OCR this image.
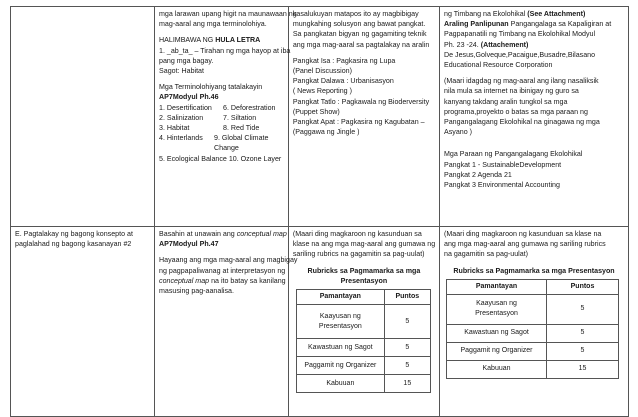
mga larawan upang higit na maunawaan ng
mag-aaral ang mga terminolohiya.
HALIMBAWA NG HULA LETRA
1. _ab_ta_ – Tirahan ng mga hayop at iba
pang mga bagay.
Sagot: Habitat
Mga Terminolohiyang tatalakayin
AP7Modyul Ph.46
1. Desertification	6. Deforestration
2. Salinization	7. Siltation
3. Habitat	8. Red Tide
4. Hinterlands	9. Global Climate Change
5. Ecological Balance 10. Ozone Layer

kasalukuyan matapos ito ay magbibigay
mungkahing solusyon ang bawat pangkat.
Sa pangkatan bigyan ng gagamiting teknik
ang mga mag-aaral sa pagtalakay na aralin
Pangkat Isa : Pagkasira ng Lupa
(Panel Discussion)
Pangkat Dalawa : Urbanisasyon
( News Reporting )
Pangkat Tatlo : Pagkawala ng Bioderversity
(Puppet Show)
Pangkat Apat : Pagkasira ng Kagubatan –
(Paggawa ng Jingle )

ng Timbang na Ekolohikal (See Attachment)
Araling Panlipunan Pangangalaga sa Kapaligiran at
Pagpapanatili ng Timbang na Ekolohikal Modyul
Ph. 23 -24. (Attachement)
De Jesus,Golveque,Pacaigue,Busadre,Bilasano
Educational Resource Corporation
(Maari idagdag ng mag-aaral ang ilang nasaliksik
nila mula sa internet na ibinigay ng guro sa
kanyang takdang aralin tungkol sa mga
programa,proyekto o batas sa mga paraan ng
Pangangalagang Ekolohikal na ginagawa ng mga
Asyano )
Mga Paraan ng Pangangalagang Ekolohikal
Pangkat 1 - SustainableDevelopment
Pangkat 2 Agenda 21
Pangkat 3 Environmental Accounting

E. Pagtalakay ng bagong konsepto at
paglalahad ng bagong kasanayan #2

Basahin at unawain ang conceptual map
AP7Modyul Ph.47
Hayaang ang mga mag-aaral ang magbigay
ng pagpapaliwanag at interpretasyon ng
conceptual map na ito batay sa kanilang
masusing pag-aanalisa.

(Maari ding magkaroon ng kasunduan sa
klase na ang mga mag-aaral ang gumawa ng
sariling rubrics na gagamitin sa pag-uulat)
Rubricks sa Pagmamarka sa mga
Presentasyon
Pamantayan	Puntos
Kaayusan ng
Presentasyon	5
Kawastuan ng Sagot	5
Paggamit ng Organizer	5
Kabuuan	15

(Maari ding magkaroon ng kasunduan sa klase na
ang mga mag-aaral ang gumawa ng sariling rubrics
na gagamitin sa pag-uulat)
Rubricks sa Pagmamarka sa mga Presentasyon
Pamantayan	Puntos
Kaayusan ng
Presentasyon	5
Kawastuan ng Sagot	5
Paggamit ng Organizer	5
Kabuuan	15
